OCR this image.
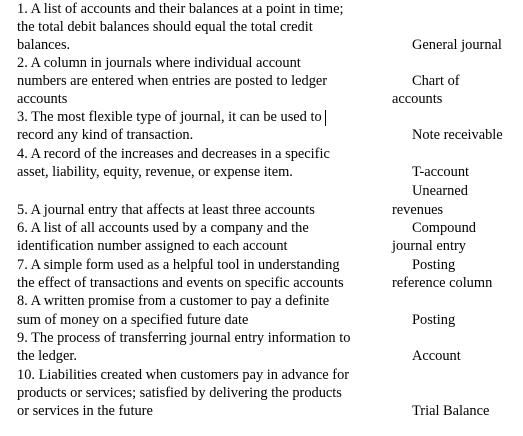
1. A list of accounts and their balances at a point in time;
the total debit balances should equal the total credit
balances.
2. A column in journals where individual account
numbers are entered when entries are posted to ledger
accounts
3. The most flexible type of journal, it can be used to
record any kind of transaction.
4. A record of the increases and decreases in a specific
asset, liability, equity, revenue, or expense item.
5. A journal entry that affects at least three accounts
6. A list of all accounts used by a company and the
identification number assigned to each account
7. A simple form used as a helpful tool in understanding
the effect of transactions and events on specific accounts
8. A written promise from a customer to pay a definite
sum of money on a specified future date
9. The process of transferring journal entry information to
the ledger.
10. Liabilities created when customers pay in advance for
products or services; satisfied by delivering the products
or services in the future
General journal
Chart of
accounts
Note receivable
T-account
Unearned
revenues
Compound
journal entry
Posting
reference column
Posting
Account
Trial Balance
